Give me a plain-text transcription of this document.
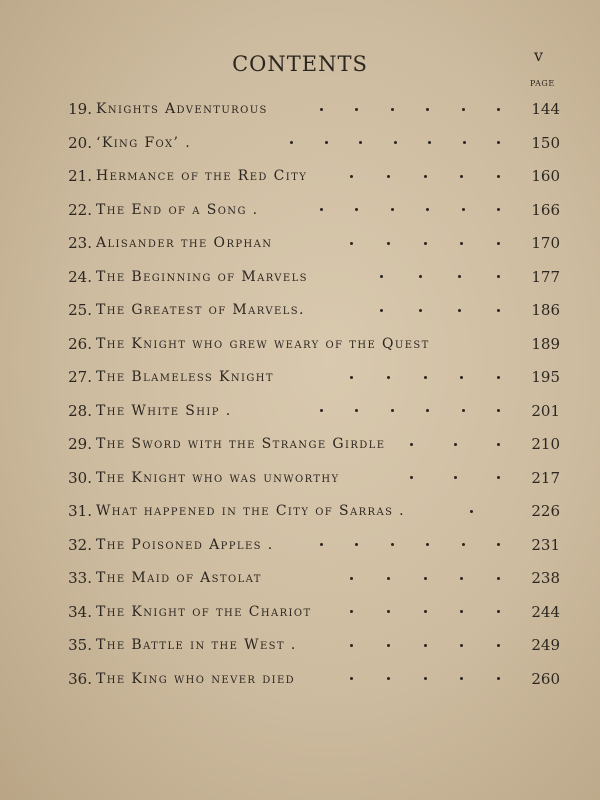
CONTENTS	v
PAGE
19. Knights Adventurous	144
20. ‘King Fox’ .	150
21. Hermance of the Red City	160
22. The End of a Song .	166
23. Alisander the Orphan	170
24. The Beginning of Marvels	177
25. The Greatest of Marvels.	186
26. The Knight who grew weary of the Quest	189
27. The Blameless Knight	195
28. The White Ship .	201
29. The Sword with the Strange Girdle	210
30. The Knight who was unworthy	217
31. What happened in the City of Sarras .	226
32. The Poisoned Apples .	231
33. The Maid of Astolat	238
34. The Knight of the Chariot	244
35. The Battle in the West .	249
36. The King who never died	260
